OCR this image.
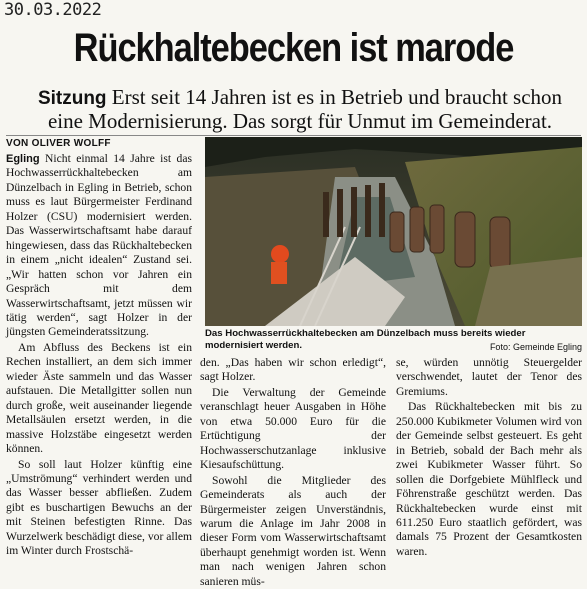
30.03.2022
Rückhaltebecken ist marode
Sitzung Erst seit 14 Jahren ist es in Betrieb und braucht schon eine Modernisierung. Das sorgt für Unmut im Gemeinderat.
VON OLIVER WOLFF

Egling Nicht einmal 14 Jahre ist das Hochwasserrückhaltebecken am Dünzelbach in Egling in Betrieb, schon muss es laut Bürgermeister Ferdinand Holzer (CSU) modernisiert werden. Das Wasserwirtschaftsamt habe darauf hingewiesen, dass das Rückhaltebecken in einem „nicht idealen“ Zustand sei. „Wir hatten schon vor Jahren ein Gespräch mit dem Wasserwirtschaftsamt, jetzt müssen wir tätig werden“, sagt Holzer in der jüngsten Gemeinderatssitzung.

Am Abfluss des Beckens ist ein Rechen installiert, an dem sich immer wieder Äste sammeln und das Wasser aufstauen. Die Metallgitter sollen nun durch große, weit auseinander liegende Metallsäulen ersetzt werden, in die massive Holzstäbe eingesetzt werden können.

So soll laut Holzer künftig eine „Umströmung“ verhindert werden und das Wasser besser abfließen. Zudem gibt es buschartigen Bewuchs an der mit Steinen befestigten Rinne. Das Wurzelwerk beschädigt diese, vor allem im Winter durch Frostschä-

Das Hochwasserrückhaltebecken am Dünzelbach muss bereits wieder modernisiert werden.	Foto: Gemeinde Egling

den. „Das haben wir schon erledigt“, sagt Holzer.

Die Verwaltung der Gemeinde veranschlagt heuer Ausgaben in Höhe von etwa 50.000 Euro für die Ertüchtigung der Hochwasserschutzanlage inklusive Kiesaufschüttung.

Sowohl die Mitglieder des Gemeinderats als auch der Bürgermeister zeigen Unverständnis, warum die Anlage im Jahr 2008 in dieser Form vom Wasserwirtschaftsamt überhaupt genehmigt worden ist. Wenn man nach wenigen Jahren schon sanieren müs-

se, würden unnötig Steuergelder verschwendet, lautet der Tenor des Gremiums.

Das Rückhaltebecken mit bis zu 250.000 Kubikmeter Volumen wird von der Gemeinde selbst gesteuert. Es geht in Betrieb, sobald der Bach mehr als zwei Kubikmeter Wasser führt. So sollen die Dorfgebiete Mühlfleck und Föhrenstraße geschützt werden. Das Rückhaltebecken wurde einst mit 611.250 Euro staatlich gefördert, was damals 75 Prozent der Gesamtkosten waren.
